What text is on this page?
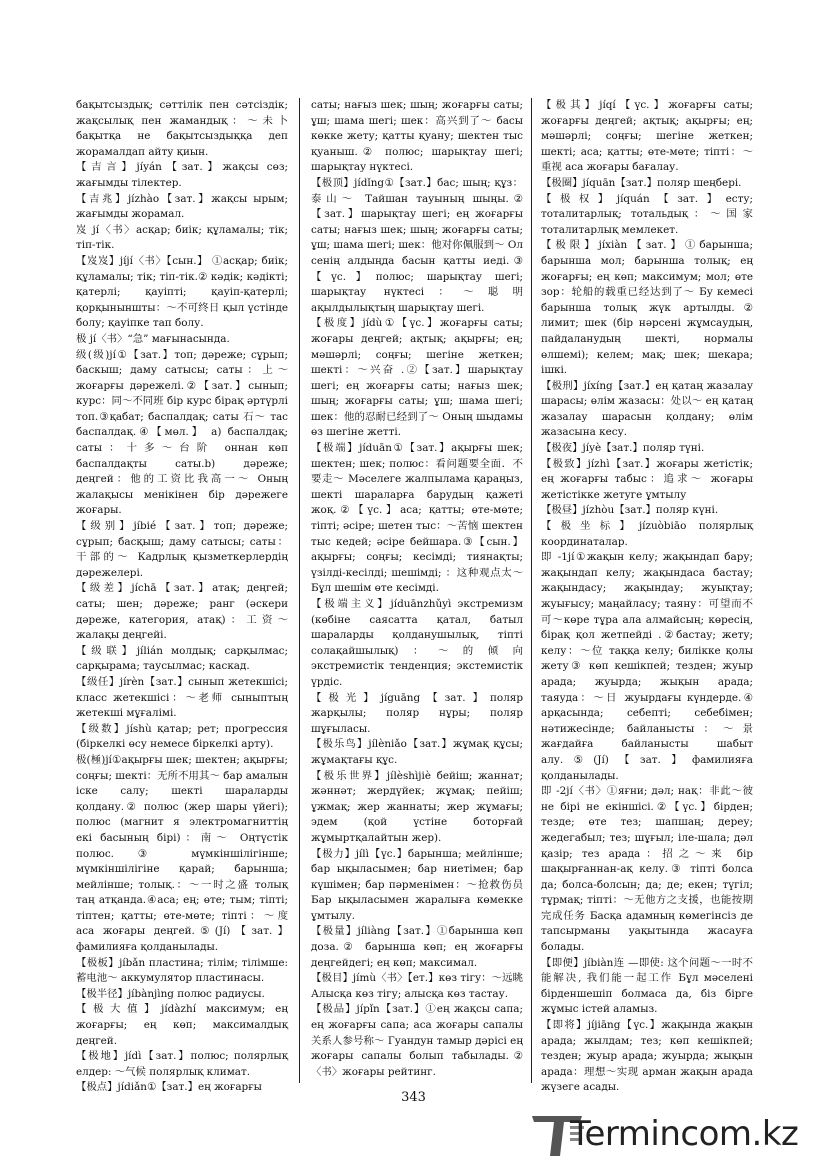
бақытсыздық; сәттілік пен сәтсіздік; жақсылық пен жамандық：～未卜 бақытқа не бақытсыздыққа деп жорамалдап айту қиын.

【吉言】jíyán【зат.】жақсы сөз; жағымды тілектер.

【吉兆】jízhào【зат.】жақсы ырым; жағымды жорамал.

岌 jí〈书〉асқар; биік; құламалы; тік; тіп-тік.

【岌岌】jíjí〈书〉【сын.】 ①асқар; биік; құламалы; тік; тіп-тік.② кəдік; кəдікті; қатерлі; қауіпті; қауіп-қатерлі; қорқыныншты：～不可终日 қыл үстінде болу; қауіпке тап болу.

极 jí〈书〉“急” мағынасында.

级(级)jí①【зат.】топ; дəреже; сұрып; баскыш; даму сатысы; саты：上～ жоғарғы дəрежелі.②【зат.】сынып; курс：同～不同班 бір курс бірақ əртүрлі топ.③қабат; баспалдақ; саты 石～ тас баспалдақ.④【мөл.】 a) баспалдақ; саты：十多～台阶 оннан көп баспалдақты саты.b) дəреже; деңгей：他的工资比我高一～ Оның жалақысы менікінен бір дəрежеге жоғары.

【级别】jíbié【зат.】топ; дəреже; сұрып; басқыш; даму сатысы; саты：干部的～ Кадрлық қызметкерлердің дəрежелері.

【级差】jíchā【зат.】атақ; деңгей; саты; шен; дəреже; ранг (əскери дəреже, категория, атақ)：工资～ жалақы деңгейі.

【级联】jílián молдық; сарқылмас; сарқырама; таусылмас; каскад.

【级任】jírèn【зат.】сынып жетекшісі; класс жетекшісі：～老师 сыныптың жетекші мұғалімі.

【级数】jíshù қатар; рет; прогрессия (біркелкі өсу немесе біркелкі арту).

极(極)jí①ақырғы шек; шектен; ақырғы; соңғы; шекті：无所不用其～ бар амалын іске салу; шекті шараларды қолдану.② полюс (жер шары үйегі); полюс (магнит я электромагниттің екі басының бірі)：南～ Оңтүстік полюс. ③ мүмкіншілігінше; мүмкіншілігіне қарай; барынша; мейлінше; толық.：～一时之盛 толық таң атқанда.④аса; ең; өте; тым; тіпті; тіптен; қатты; өте-мөте; тіпті：～度 аса жоғары деңгей.⑤(Jí)【зат.】фамилияға қолданылады.

【极板】jíbǎn пластина; тілім; тілімше: 蓄电池～ аккумулятор пластинасы.

【极半径】jíbànjìng полюс радиусы.

【极大值】jídàzhí максимум; ең жоғарғы; ең көп; максималдық деңгей.

【极地】jídì【зат.】полюс; полярлық елдер: ～气候 полярлық климат.

【极点】jídiǎn①【зат.】ең жоғарғы

саты; нағыз шек; шың; жоғарғы саты; ұш; шама шегі; шек：高兴到了～ басы көкке жету; қатты қуану; шектен тыс қуаныш.② полюс; шарықтау шегі; шарықтау нүктесі.

【极顶】jídǐng①【зат.】бас; шың; құз：泰山～ Тайшан тауының шыңы.②【зат.】шарықтау шегі; ең жоғарғы саты; нағыз шек; шың; жоғарғы саты; ұш; шама шегі; шек：他对你佩服到～ Ол сенің алдыңда басын қатты иеді.③【үс.】полюс; шарықтау шегі; шарықтау нүктесі：～聪明 ақылдылықтың шарықтау шегі.

【极度】jídù①【үс.】жоғарғы саты; жоғары деңгей; ақтық; ақырғы; ең; мəшəрлі; соңғы; шегіне жеткен; шекті：～兴奋 .②【зат.】шарықтау шегі; ең жоғарғы саты; нағыз шек; шың; жоғарғы саты; ұш; шама шегі; шек：他的忍耐已经到了～ Оның шыдамы өз шегіне жетті.

【极端】jíduān①【зат.】ақырғы шек; шектен; шек; полюс：看问题要全面．不要走～ Мəселеге жалпылама қараңыз, шекті шараларға барудың қажеті жоқ.②【үс.】аса; қатты; өте-мөте; тіпті; əсіре; шетен тыс：～苦恼 шектен тыс кедей; əсіре бейшара.③【сын.】ақырғы; соңғы; кесімді; тиянақты; үзілді-кесілді; шешімді; ：这种观点太～ Бұл шешім өте кесімді.

【极端主义】jíduānzhǔyì экстремизм (көбіне саясатта қатал, батыл шараларды қолданушылық, тіпті солақайшылық)：～的倾向 экстремистік тенденция; экстемистік үрдіс.

【极光】jíguāng【зат.】поляр жарқылы; поляр нұры; поляр шұғыласы.

【极乐鸟】jílèniǎo【зат.】жұмақ құсы; жұмақтағы құс.

【极乐世界】jílèshìjiè бейіш; жаннат; жəннəт; жердүйек; жұмақ; пейіш; ұжмақ; жер жаннаты; жер жұмағы; эдем (қой үстіне боторғай жұмыртқалайтын жер).

【极力】jílì【үс.】барынша; мейлінше; бар ықыласымен; бар ниетімен; бар күшімен; бар пəрменімен：～抢救伤员 Бар ықыласымен жаралыға көмекке ұмтылу.

【极量】jíliàng【зат.】①барынша көп доза.② барынша көп; ең жоғарғы деңгейдегі; ең көп; максимал.

【极目】jímù〈书〉【ет.】көз тігу：～远眺 Алысқа көз тігу; алысқа көз тастау.

【极品】jípǐn【зат.】①ең жақсы сапа; ең жоғарғы сапа; аса жоғары сапалы 关系人参号称～ Гуандун тамыр дəрісі ең жоғары сапалы болып табылады.②〈书〉жоғары рейтинг.

【极其】jíqí【үс.】жоғарғы саты; жоғарғы деңгей; ақтық; ақырғы; ең; мəшəрлі; соңғы; шегіне жеткен; шекті; аса; қатты; өте-мөте; тіпті：～重视 аса жоғары бағалау.

【极圈】jíquān【зат.】поляр шеңбері.

【极权】jíquán【зат.】есту; тоталитарлық; тотальдық：～国家 тоталитарлық мемлекет.

【极限】jíxiàn【зат.】①барынша; барынша мол; барынша толық; ең жоғарғы; ең көп; максимум; мол; өте зор：轮船的载重已经达到了～ Бу кемесі барынша толық жүк артылды.② лимит; шек (бір нəрсені жұмсаудың, пайдаланудың шекті, нормалы өлшемі); келем; мақ; шек; шекара; ішкі.

【极刑】jíxíng【зат.】ең қатаң жазалау шарасы; өлім жазасы：处以～ ең қатаң жазалау шарасын қолдану; өлім жазасына кесу.

【极夜】jíyè【зат.】поляр түні.

【极致】jízhì【зат.】жоғары жетістік; ең жоғарғы табыс：追求～ жоғары жетістікке жетуге ұмтылу

【极昼】jízhòu【зат.】поляр күні.

【极坐标】jízuòbiāo полярлық координаталар.

即 -1jí①жақын келу; жақындап бару; жақындап келу; жақындаса бастау; жақындасу; жақындау; жуықтау; жуығысу; маңайласу; таяну：可望而不可～көре тұра ала алмайсың; көресің, бірақ қол жетпейді .②бастау; жету; келу：～位 таққа келу; билікке қолы жету③ көп кешікпей; тезден; жуыр арада; жуырда; жықын арада; таяуда：～日 жуырдағы күндерде.④ арқасында; себепті; себебімен; нəтижесінде; байланысты：～景 жағдайға байланысты шабыт алу.⑤(Jí)【зат.】фамилияға қолданылады.

即 -2jí〈书〉①яғни; дəл; нақ：非此～彼 не бірі не екіншісі.②【үс.】бірден; тезде; өте тез; шапшаң; дереу; жедегабыл; тез; шұғыл; іле-шала; дəл қазір; тез арада：招之～来 бір шақырғаннан-ақ келу.③ тіпті болса да; болса-болсын; да; де; екен; түгіл; тұрмақ; тіпті：～无他方之支援，也能按期完成任务 Басқа адамның көмегінсіз де тапсырманы уақытында жасауға болады.

【即便】jíbiàn连 —即使: 这个问题～一时不能解决, 我们能一起工作 Бұл мəселені бірденшешіп болмаса да, біз бірге жұмыс істей аламыз.

【即将】jíjiāng【үс.】жақында жақын арада; жылдам; тез; көп кешікпей; тезден; жуыр арада; жуырда; жықын арада：理想～实现 арман жақын арада жүзеге асады.

343
Termincom.kz
